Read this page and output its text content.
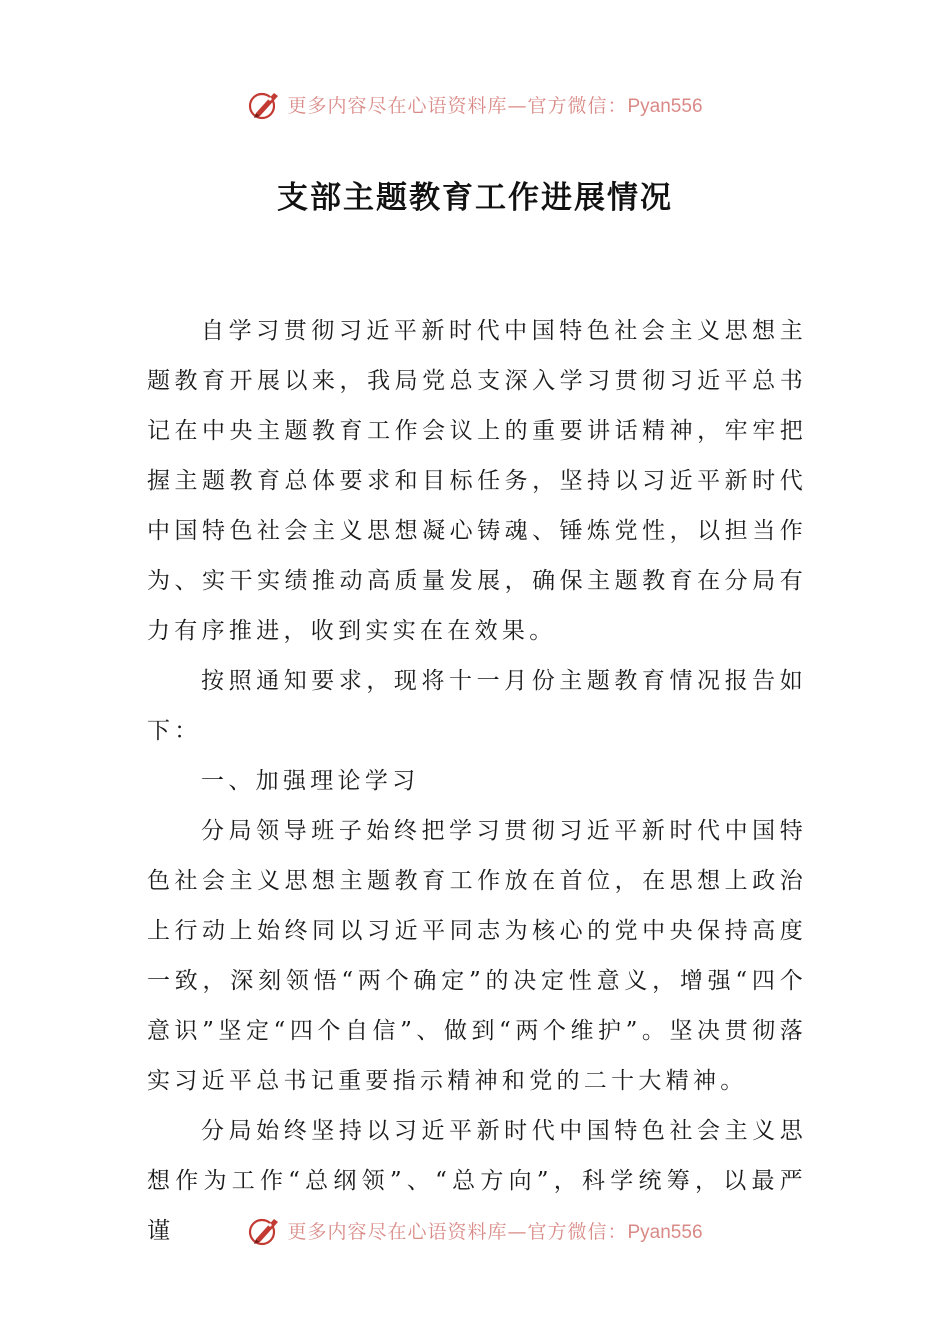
更多内容尽在心语资料库—官方微信：Pyan556
支部主题教育工作进展情况

自学习贯彻习近平新时代中国特色社会主义思想主题教育开展以来，我局党总支深入学习贯彻习近平总书记在中央主题教育工作会议上的重要讲话精神，牢牢把握主题教育总体要求和目标任务，坚持以习近平新时代中国特色社会主义思想凝心铸魂、锤炼党性，以担当作为、实干实绩推动高质量发展，确保主题教育在分局有力有序推进，收到实实在在效果。

按照通知要求，现将十一月份主题教育情况报告如下：

一、加强理论学习

分局领导班子始终把学习贯彻习近平新时代中国特色社会主义思想主题教育工作放在首位，在思想上政治上行动上始终同以习近平同志为核心的党中央保持高度一致，深刻领悟“两个确定”的决定性意义，增强“四个意识”坚定“四个自信”、做到“两个维护”。坚决贯彻落实习近平总书记重要指示精神和党的二十大精神。

分局始终坚持以习近平新时代中国特色社会主义思想作为工作“总纲领”、“总方向”，科学统筹，以最严谨	更多内容尽在心语资料库—官方微信：Pyan556
